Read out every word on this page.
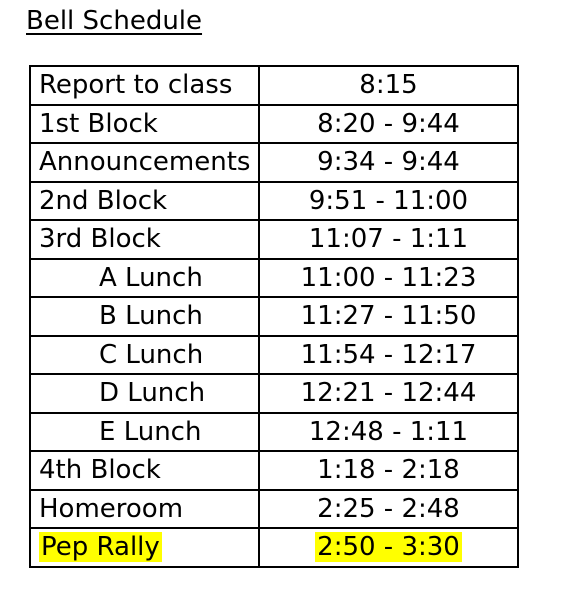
Bell Schedule
Report to class	8:15
1st Block	8:20 - 9:44
Announcements	9:34 - 9:44
2nd Block	9:51 - 11:00
3rd Block	11:07 - 1:11
A Lunch	11:00 - 11:23
B Lunch	11:27 - 11:50
C Lunch	11:54 - 12:17
D Lunch	12:21 - 12:44
E Lunch	12:48 - 1:11
4th Block	1:18 - 2:18
Homeroom	2:25 - 2:48
Pep Rally	2:50 - 3:30
